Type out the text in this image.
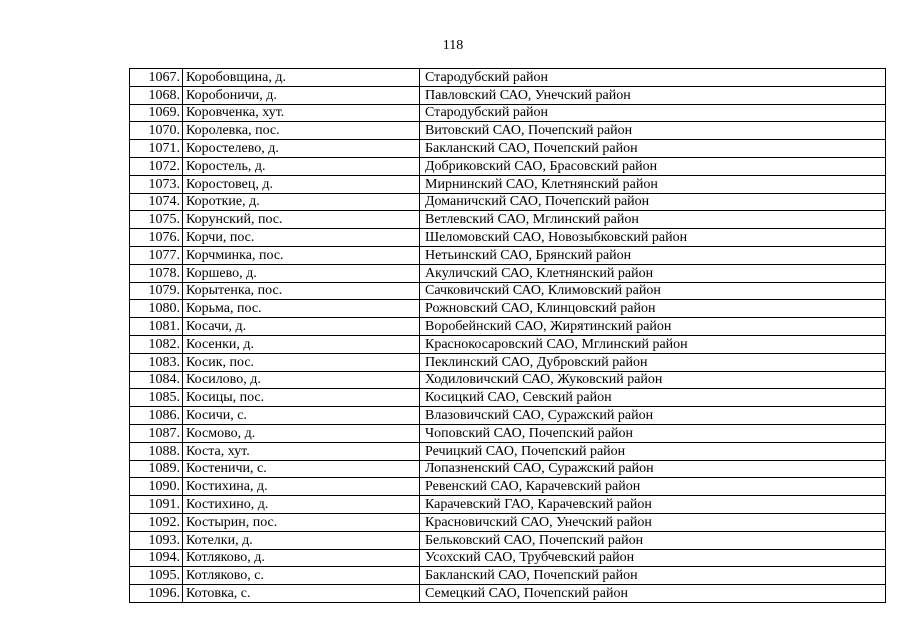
118
1067.	Коробовщина, д.	Стародубский район
1068.	Коробоничи, д.	Павловский САО, Унечский район
1069.	Коровченка, хут.	Стародубский район
1070.	Королевка, пос.	Витовский САО, Почепский район
1071.	Коростелево, д.	Бакланский САО, Почепский район
1072.	Коростель, д.	Добриковский САО, Брасовский район
1073.	Коростовец, д.	Мирнинский САО, Клетнянский район
1074.	Короткие, д.	Доманичский САО, Почепский район
1075.	Корунский, пос.	Ветлевский САО, Мглинский район
1076.	Корчи, пос.	Шеломовский САО, Новозыбковский район
1077.	Корчминка, пос.	Нетьинский САО, Брянский район
1078.	Коршево, д.	Акуличский САО, Клетнянский район
1079.	Корытенка, пос.	Сачковичский САО, Климовский район
1080.	Корьма, пос.	Рожновский САО, Клинцовский район
1081.	Косачи, д.	Воробейнский САО, Жирятинский район
1082.	Косенки, д.	Краснокосаровский САО, Мглинский район
1083.	Косик, пос.	Пеклинский САО, Дубровский район
1084.	Косилово, д.	Ходиловичский САО, Жуковский район
1085.	Косицы, пос.	Косицкий САО, Севский район
1086.	Косичи, с.	Влазовичский САО, Суражский район
1087.	Космово, д.	Чоповский САО, Почепский район
1088.	Коста, хут.	Речицкий САО, Почепский район
1089.	Костеничи, с.	Лопазненский САО, Суражский район
1090.	Костихина, д.	Ревенский САО, Карачевский район
1091.	Костихино, д.	Карачевский ГАО, Карачевский район
1092.	Костырин, пос.	Красновичский САО, Унечский район
1093.	Котелки, д.	Бельковский САО, Почепский район
1094.	Котляково, д.	Усохский САО, Трубчевский район
1095.	Котляково, с.	Бакланский САО, Почепский район
1096.	Котовка, с.	Семецкий САО, Почепский район
